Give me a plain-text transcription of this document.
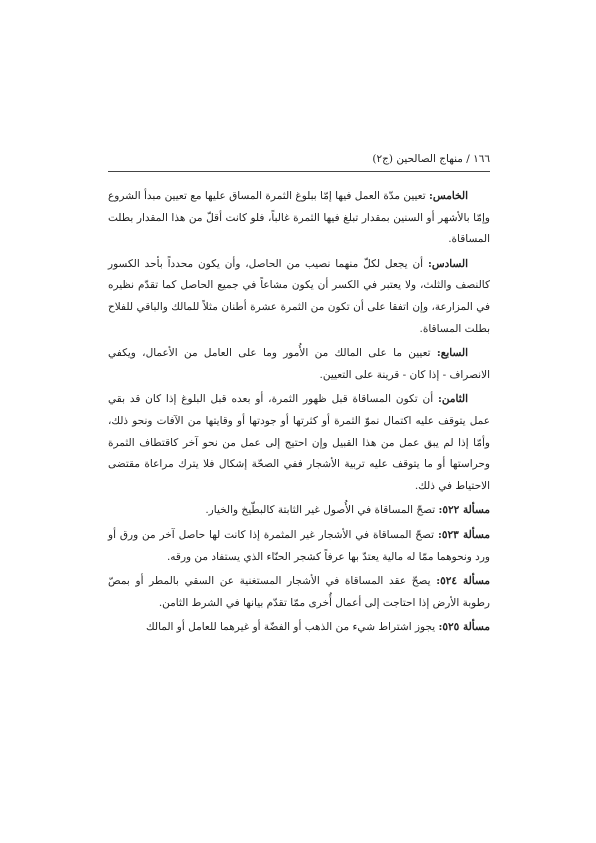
١٦٦ / منهاج الصالحين (ج٢)

الخامس: تعيين مدّة العمل فيها إمّا ببلوغ الثمرة المساق عليها مع تعيين مبدأ الشروع وإمّا بالأشهر أو السنين بمقدار تبلغ فيها الثمرة غالباً، فلو كانت أقلّ من هذا المقدار بطلت المساقاة.

السادس: أن يجعل لكلّ منهما نصيب من الحاصل، وأن يكون محدداً بأحد الكسور كالنصف والثلث، ولا يعتبر في الكسر أن يكون مشاعاً في جميع الحاصل كما تقدّم نظيره في المزارعة، وإن اتفقا على أن تكون من الثمرة عشرة أطنان مثلاً للمالك والباقي للفلاح بطلت المساقاة.

السابع: تعيين ما على المالك من الأُمور وما على العامل من الأعمال، ويكفي الانصراف - إذا كان - قرينة على التعيين.

الثامن: أن تكون المساقاة قبل ظهور الثمرة، أو بعده قبل البلوغ إذا كان قد بقي عمل يتوقف عليه اكتمال نموّ الثمرة أو كثرتها أو جودتها أو وقايتها من الآفات ونحو ذلك، وأمّا إذا لم يبق عمل من هذا القبيل وإن احتيج إلى عمل من نحو آخر كاقتطاف الثمرة وحراستها أو ما يتوقف عليه تربية الأشجار ففي الصحّة إشكال فلا يترك مراعاة مقتضى الاحتياط في ذلك.

مسألة ٥٢٢: تصحّ المساقاة في الأُصول غير الثابتة كالبطّيخ والخيار.

مسألة ٥٢٣: تصحّ المساقاة في الأشجار غير المثمرة إذا كانت لها حاصل آخر من ورق أو ورد ونحوهما ممّا له مالية يعتدّ بها عرفاً كشجر الحنّاء الذي يستفاد من ورقه.

مسألة ٥٢٤: يصحّ عقد المساقاة في الأشجار المستغنية عن السقي بالمطر أو بمصّ رطوبة الأرض إذا احتاجت إلى أعمال أُخرى ممّا تقدّم بيانها في الشرط الثامن.

مسألة ٥٢٥: يجوز اشتراط شيء من الذهب أو الفضّة أو غيرهما للعامل أو المالك
